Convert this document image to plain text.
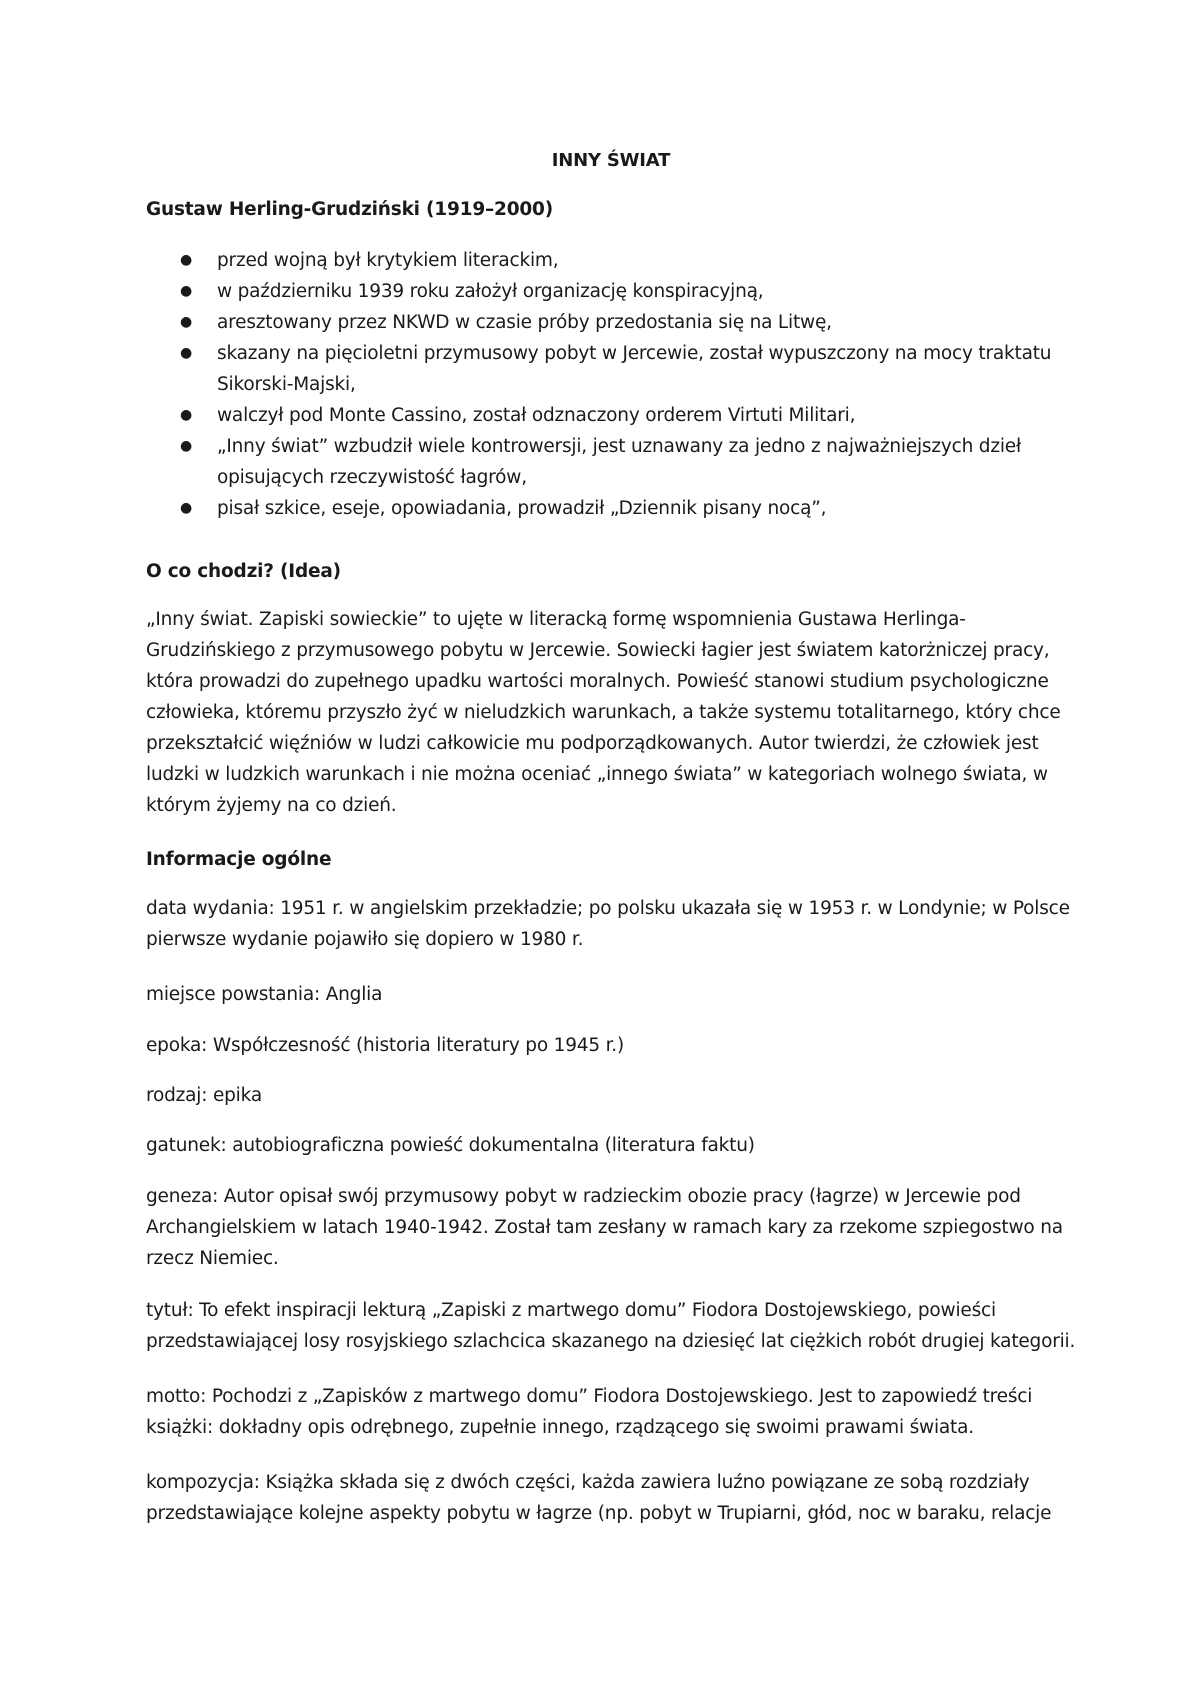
INNY ŚWIAT
Gustaw Herling-Grudziński (1919–2000)
● przed wojną był krytykiem literackim,
● w październiku 1939 roku założył organizację konspiracyjną,
● aresztowany przez NKWD w czasie próby przedostania się na Litwę,
● skazany na pięcioletni przymusowy pobyt w Jercewie, został wypuszczony na mocy traktatu Sikorski-Majski,
● walczył pod Monte Cassino, został odznaczony orderem Virtuti Militari,
● „Inny świat” wzbudził wiele kontrowersji, jest uznawany za jedno z najważniejszych dzieł opisujących rzeczywistość łagrów,
● pisał szkice, eseje, opowiadania, prowadził „Dziennik pisany nocą”,
O co chodzi? (Idea)

„Inny świat. Zapiski sowieckie” to ujęte w literacką formę wspomnienia Gustawa Herlinga-Grudzińskiego z przymusowego pobytu w Jercewie. Sowiecki łagier jest światem katorżniczej pracy, która prowadzi do zupełnego upadku wartości moralnych. Powieść stanowi studium psychologiczne człowieka, któremu przyszło żyć w nieludzkich warunkach, a także systemu totalitarnego, który chce przekształcić więźniów w ludzi całkowicie mu podporządkowanych. Autor twierdzi, że człowiek jest ludzki w ludzkich warunkach i nie można oceniać „innego świata” w kategoriach wolnego świata, w którym żyjemy na co dzień.

Informacje ogólne

data wydania: 1951 r. w angielskim przekładzie; po polsku ukazała się w 1953 r. w Londynie; w Polsce pierwsze wydanie pojawiło się dopiero w 1980 r.

miejsce powstania: Anglia

epoka: Współczesność (historia literatury po 1945 r.)

rodzaj: epika

gatunek: autobiograficzna powieść dokumentalna (literatura faktu)

geneza: Autor opisał swój przymusowy pobyt w radzieckim obozie pracy (łagrze) w Jercewie pod Archangielskiem w latach 1940-1942. Został tam zesłany w ramach kary za rzekome szpiegostwo na rzecz Niemiec.

tytuł: To efekt inspiracji lekturą „Zapiski z martwego domu” Fiodora Dostojewskiego, powieści przedstawiającej losy rosyjskiego szlachcica skazanego na dziesięć lat ciężkich robót drugiej kategorii.

motto: Pochodzi z „Zapisków z martwego domu” Fiodora Dostojewskiego. Jest to zapowiedź treści książki: dokładny opis odrębnego, zupełnie innego, rządzącego się swoimi prawami świata.

kompozycja: Książka składa się z dwóch części, każda zawiera luźno powiązane ze sobą rozdziały przedstawiające kolejne aspekty pobytu w łagrze (np. pobyt w Trupiarni, głód, noc w baraku, relacje
